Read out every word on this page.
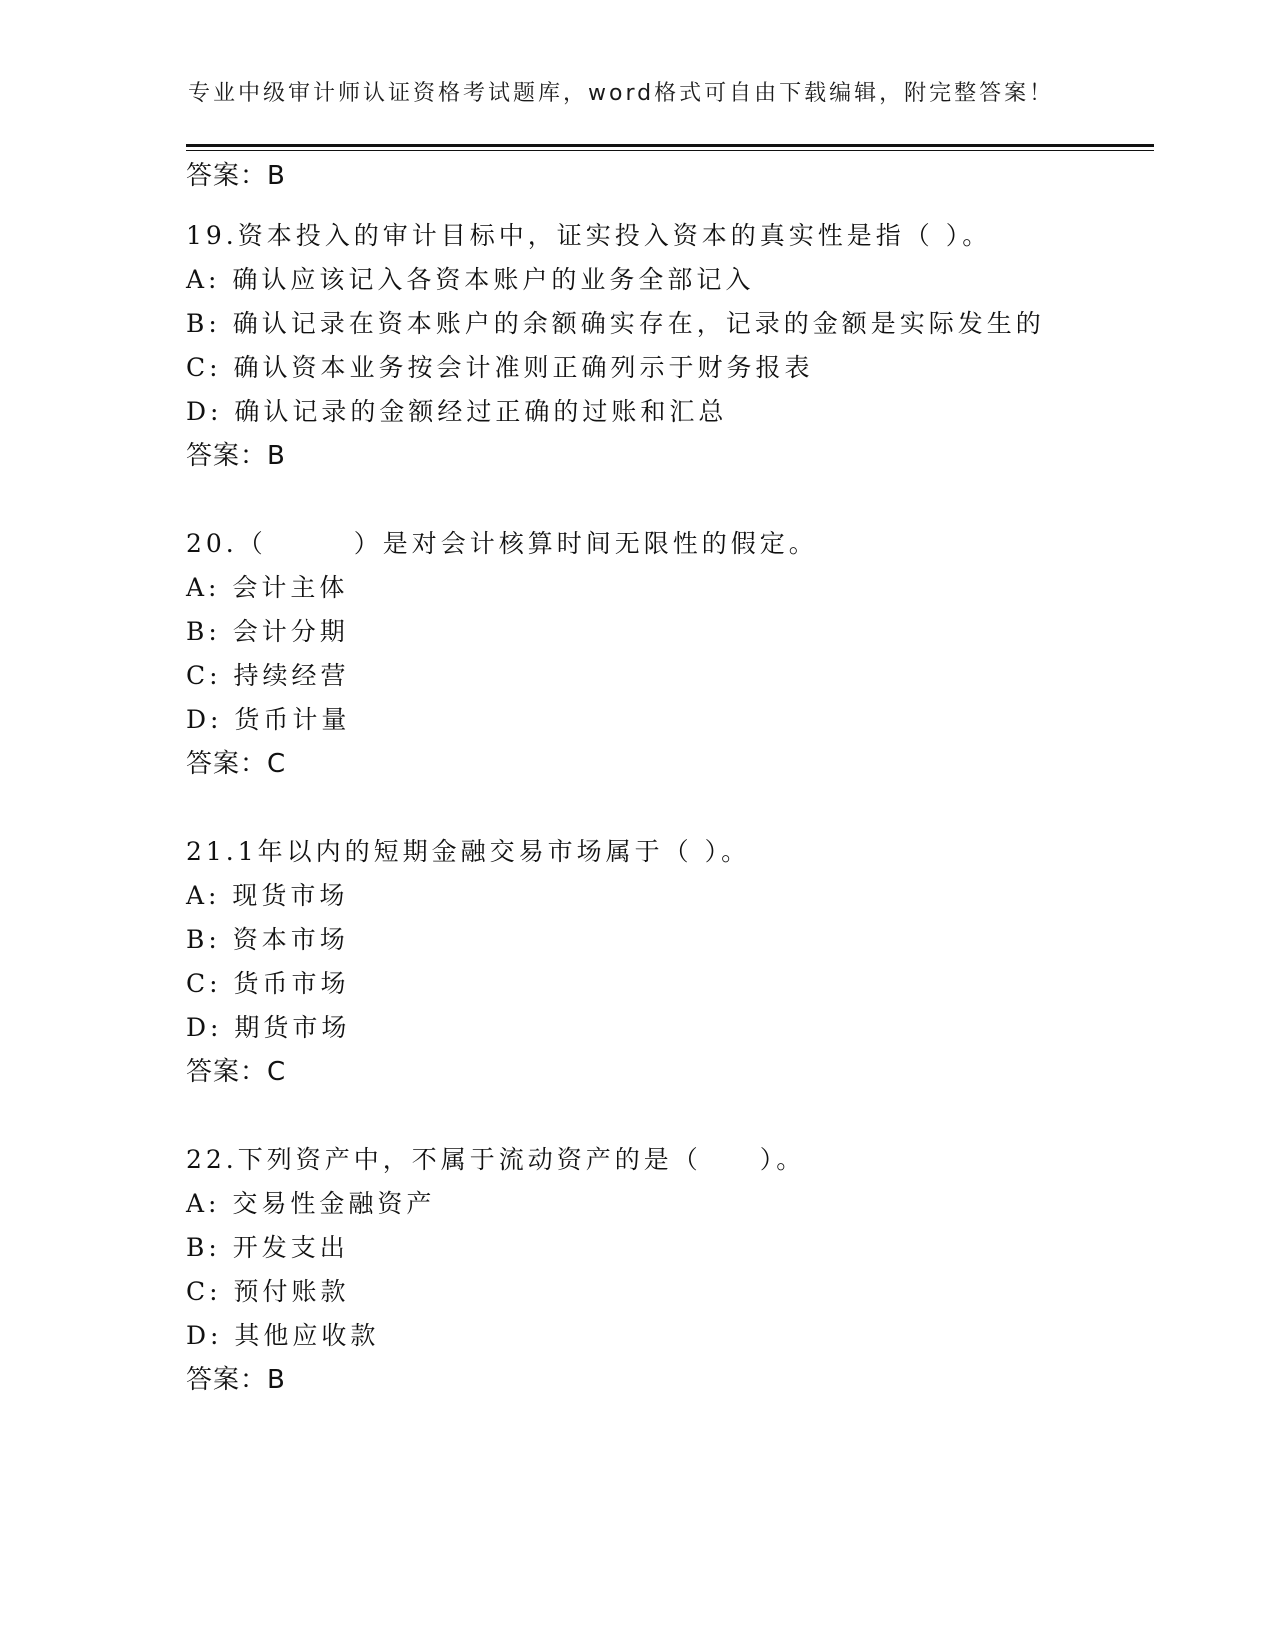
专业中级审计师认证资格考试题库，word格式可自由下载编辑，附完整答案！
答案：B
19.资本投入的审计目标中，证实投入资本的真实性是指（ ）。
A: 确认应该记入各资本账户的业务全部记入
B: 确认记录在资本账户的余额确实存在，记录的金额是实际发生的
C: 确认资本业务按会计准则正确列示于财务报表
D: 确认记录的金额经过正确的过账和汇总
答案：B
20.（　　　）是对会计核算时间无限性的假定。
A: 会计主体
B: 会计分期
C: 持续经营
D: 货币计量
答案：C
21.1年以内的短期金融交易市场属于（ ）。
A: 现货市场
B: 资本市场
C: 货币市场
D: 期货市场
答案：C
22.下列资产中，不属于流动资产的是（　　）。
A: 交易性金融资产
B: 开发支出
C: 预付账款
D: 其他应收款
答案：B
